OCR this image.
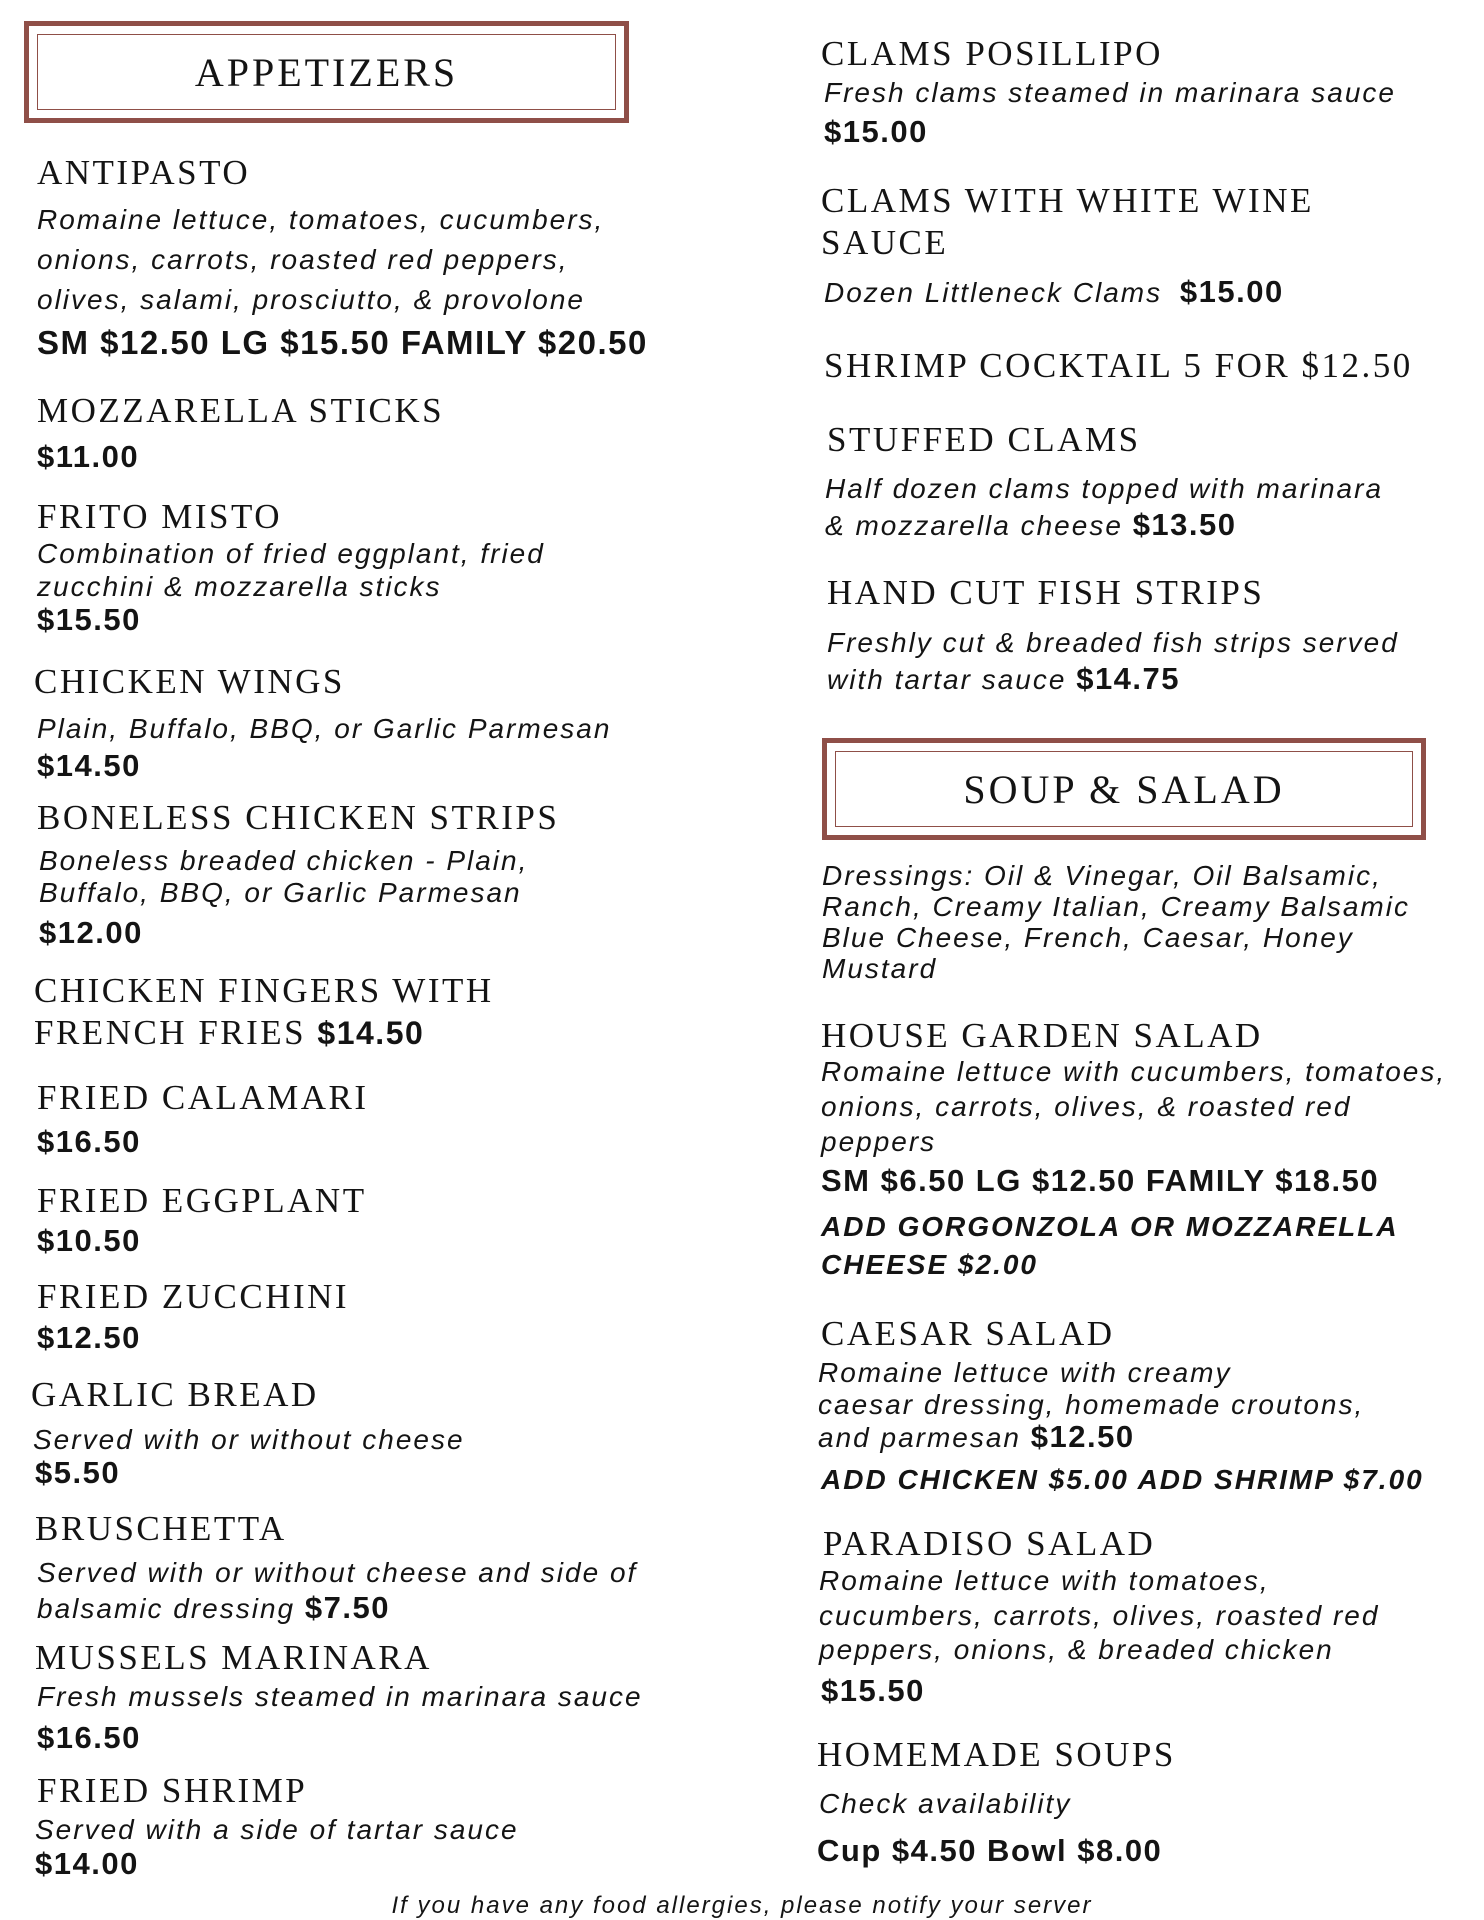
APPETIZERS
ANTIPASTO
Romaine lettuce, tomatoes, cucumbers,
onions, carrots, roasted red peppers,
olives, salami, prosciutto, & provolone
SM $12.50 LG $15.50 FAMILY $20.50
MOZZARELLA STICKS
$11.00
FRITO MISTO
Combination of fried eggplant, fried
zucchini & mozzarella sticks
$15.50
CHICKEN WINGS
Plain, Buffalo, BBQ, or Garlic Parmesan
$14.50
BONELESS CHICKEN STRIPS
Boneless breaded chicken - Plain,
Buffalo, BBQ, or Garlic Parmesan
$12.00
CHICKEN FINGERS WITH
FRENCH FRIES $14.50
FRIED CALAMARI
$16.50
FRIED EGGPLANT
$10.50
FRIED ZUCCHINI
$12.50
GARLIC BREAD
Served with or without cheese
$5.50
BRUSCHETTA
Served with or without cheese and side of
balsamic dressing $7.50
MUSSELS MARINARA
Fresh mussels steamed in marinara sauce
$16.50
FRIED SHRIMP
Served with a side of tartar sauce
$14.00
CLAMS POSILLIPO
Fresh clams steamed in marinara sauce
$15.00
CLAMS WITH WHITE WINE
SAUCE
Dozen Littleneck Clams $15.00
SHRIMP COCKTAIL 5 FOR $12.50
STUFFED CLAMS
Half dozen clams topped with marinara
& mozzarella cheese $13.50
HAND CUT FISH STRIPS
Freshly cut & breaded fish strips served
with tartar sauce $14.75
SOUP & SALAD
Dressings: Oil & Vinegar, Oil Balsamic,
Ranch, Creamy Italian, Creamy Balsamic
Blue Cheese, French, Caesar, Honey
Mustard
HOUSE GARDEN SALAD
Romaine lettuce with cucumbers, tomatoes,
onions, carrots, olives, & roasted red
peppers
SM $6.50 LG $12.50 FAMILY $18.50
ADD GORGONZOLA OR MOZZARELLA
CHEESE $2.00
CAESAR SALAD
Romaine lettuce with creamy
caesar dressing, homemade croutons,
and parmesan $12.50
ADD CHICKEN $5.00 ADD SHRIMP $7.00
PARADISO SALAD
Romaine lettuce with tomatoes,
cucumbers, carrots, olives, roasted red
peppers, onions, & breaded chicken
$15.50
HOMEMADE SOUPS
Check availability
Cup $4.50 Bowl $8.00
If you have any food allergies, please notify your server
